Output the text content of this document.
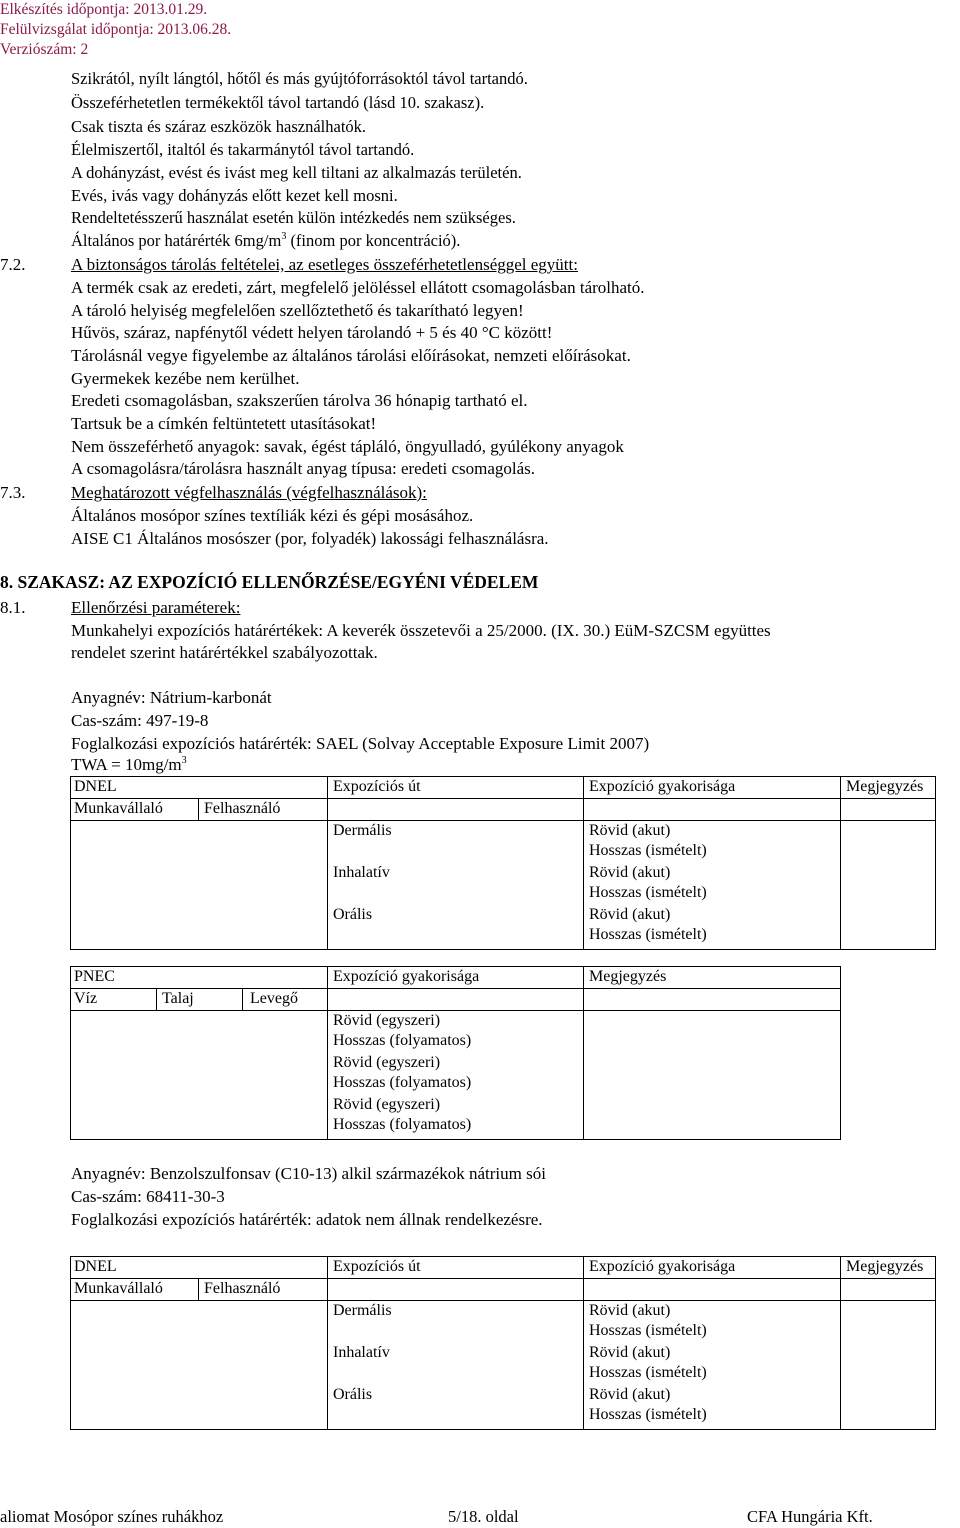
Elkészítés időpontja: 2013.01.29.
Felülvizsgálat időpontja: 2013.06.28.
Verziószám: 2
Szikrától, nyílt lángtól, hőtől és más gyújtóforrásoktól távol tartandó.
Összeférhetetlen termékektől távol tartandó (lásd 10. szakasz).
Csak tiszta és száraz eszközök használhatók.
Élelmiszertől, italtól és takarmánytól távol tartandó.
A dohányzást, evést és ivást meg kell tiltani az alkalmazás területén.
Evés, ivás vagy dohányzás előtt kezet kell mosni.
Rendeltetésszerű használat esetén külön intézkedés nem szükséges.
Általános por határérték $6mg/m^3$ (finom por koncentráció).
7.2.	A biztonságos tárolás feltételei, az esetleges összeférhetetlenséggel együtt:
A termék csak az eredeti, zárt, megfelelő jelöléssel ellátott csomagolásban tárolható.
A tároló helyiség megfelelően szellőztethető és takarítható legyen!
Hűvös, száraz, napfénytől védett helyen tárolandó + 5 és 40 °C között!
Tárolásnál vegye figyelembe az általános tárolási előírásokat, nemzeti előírásokat.
Gyermekek kezébe nem kerülhet.
Eredeti csomagolásban, szakszerűen tárolva 36 hónapig tartható el.
Tartsuk be a címkén feltüntetett utasításokat!
Nem összeférhető anyagok: savak, égést tápláló, öngyulladó, gyúlékony anyagok
A csomagolásra/tárolásra használt anyag típusa: eredeti csomagolás.
7.3.	Meghatározott végfelhasználás (végfelhasználások):
Általános mosópor színes textíliák kézi és gépi mosásához.
AISE C1 Általános mosószer (por, folyadék) lakossági felhasználásra.
8. SZAKASZ: AZ EXPOZÍCIÓ ELLENŐRZÉSE/EGYÉNI VÉDELEM
8.1.	Ellenőrzési paraméterek:
Munkahelyi expozíciós határértékek: A keverék összetevői a 25/2000. (IX. 30.) EüM-SZCSM együttes
rendelet szerint határértékkel szabályozottak.
Anyagnév: Nátrium-karbonát
Cas-szám: 497-19-8
Foglalkozási expozíciós határérték: SAEL (Solvay Acceptable Exposure Limit 2007)
TWA = $10mg/m^3$
DNEL	Expozíciós út	Expozíció gyakorisága	Megjegyzés
Munkavállaló	Felhasználó
Dermális	Rövid (akut)
Hosszas (ismételt)
Inhalatív	Rövid (akut)
Hosszas (ismételt)
Orális	Rövid (akut)
Hosszas (ismételt)
PNEC	Expozíció gyakorisága	Megjegyzés
Víz	Talaj	Levegő
Rövid (egyszeri)
Hosszas (folyamatos)
Rövid (egyszeri)
Hosszas (folyamatos)
Rövid (egyszeri)
Hosszas (folyamatos)
Anyagnév: Benzolszulfonsav (C10-13) alkil származékok nátrium sói
Cas-szám: 68411-30-3
Foglalkozási expozíciós határérték: adatok nem állnak rendelkezésre.
DNEL	Expozíciós út	Expozíció gyakorisága	Megjegyzés
Munkavállaló	Felhasználó
Dermális	Rövid (akut)
Hosszas (ismételt)
Inhalatív	Rövid (akut)
Hosszas (ismételt)
Orális	Rövid (akut)
Hosszas (ismételt)
aliomat Mosópor színes ruhákhoz	5/18. oldal	CFA Hungária Kft.
